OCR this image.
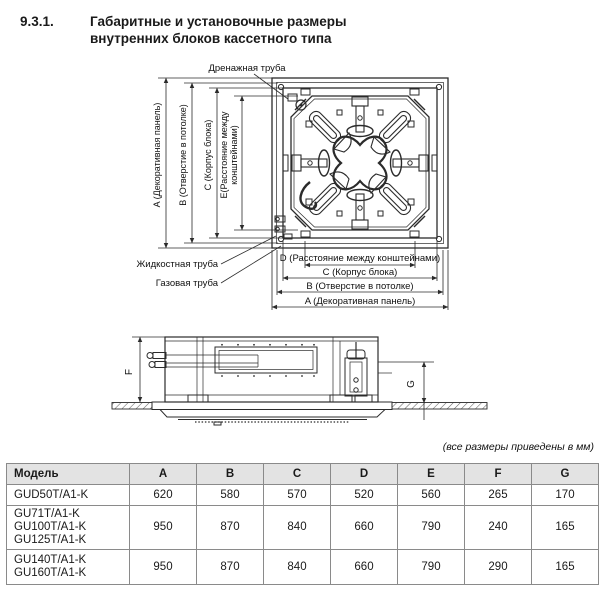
9.3.1.	Габаритные и установочные размеры
внутренних блоков кассетного типа
Дренажная труба
Жидкостная труба
Газовая труба
A (Декоративная панель) B (Отверстие в потолке) C (Корпус блока) E(Расстояние между конштейнами)
D (Расстояние между конштейнами)
C (Корпус блока)
B (Отверстие в потолке)
A (Декоративная панель)
F
G
(все размеры приведены в мм)
Модель	A	B	C	D	E	F	G

GUD50T/A1-K	620	580	570	520	560	265	170

GU71T/A1-K
GU100T/A1-K
GU125T/A1-K	950	870	840	660	790	240	165

GU140T/A1-K
GU160T/A1-K	950	870	840	660	790	290	165
